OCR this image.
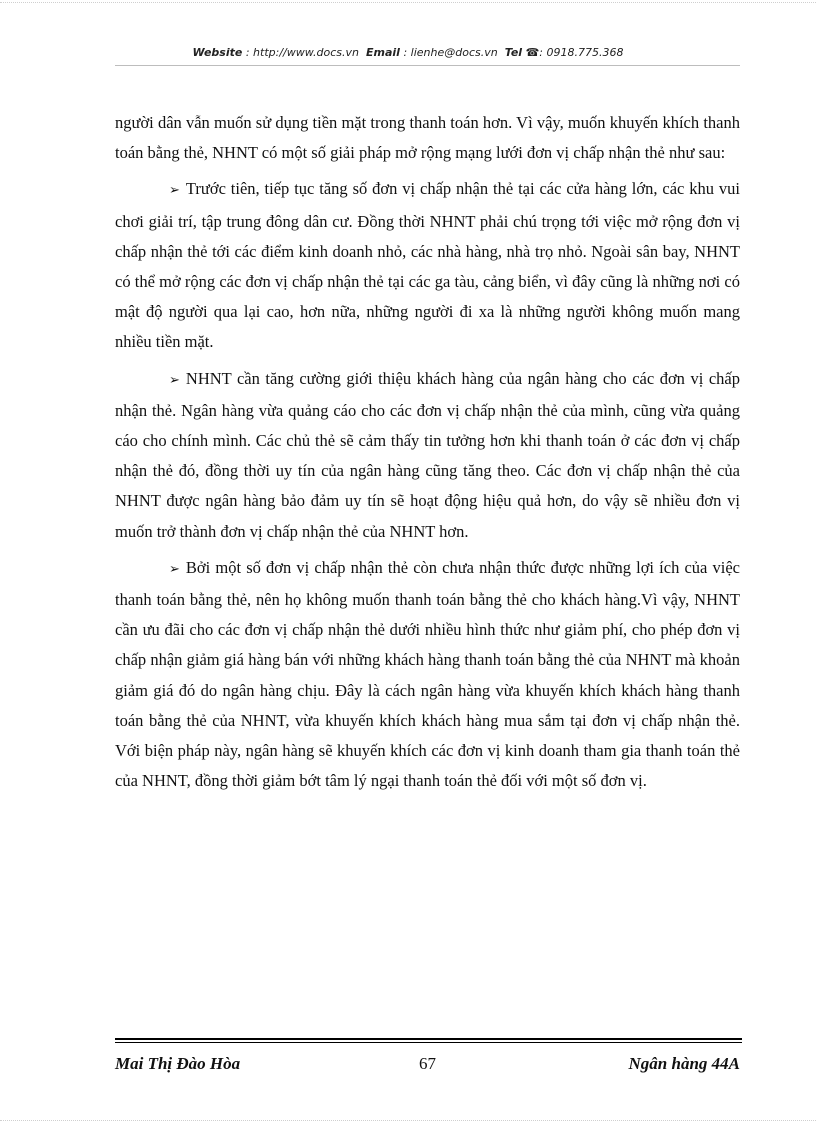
Website : http://www.docs.vn Email : lienhe@docs.vn Tel ☎: 0918.775.368

người dân vẫn muốn sử dụng tiền mặt trong thanh toán hơn. Vì vậy, muốn khuyến khích thanh toán bằng thẻ, NHNT có một số giải pháp mở rộng mạng lưới đơn vị chấp nhận thẻ như sau:

➢ Trước tiên, tiếp tục tăng số đơn vị chấp nhận thẻ tại các cửa hàng lớn, các khu vui chơi giải trí, tập trung đông dân cư. Đồng thời NHNT phải chú trọng tới việc mở rộng đơn vị chấp nhận thẻ tới các điểm kinh doanh nhỏ, các nhà hàng, nhà trọ nhỏ. Ngoài sân bay, NHNT có thể mở rộng các đơn vị chấp nhận thẻ tại các ga tàu, cảng biển, vì đây cũng là những nơi có mật độ người qua lại cao, hơn nữa, những người đi xa là những người không muốn mang nhiều tiền mặt.

➢ NHNT cần tăng cường giới thiệu khách hàng của ngân hàng cho các đơn vị chấp nhận thẻ. Ngân hàng vừa quảng cáo cho các đơn vị chấp nhận thẻ của mình, cũng vừa quảng cáo cho chính mình. Các chủ thẻ sẽ cảm thấy tin tưởng hơn khi thanh toán ở các đơn vị chấp nhận thẻ đó, đồng thời uy tín của ngân hàng cũng tăng theo. Các đơn vị chấp nhận thẻ của NHNT được ngân hàng bảo đảm uy tín sẽ hoạt động hiệu quả hơn, do vậy sẽ nhiều đơn vị muốn trở thành đơn vị chấp nhận thẻ của NHNT hơn.

➢ Bởi một số đơn vị chấp nhận thẻ còn chưa nhận thức được những lợi ích của việc thanh toán bằng thẻ, nên họ không muốn thanh toán bằng thẻ cho khách hàng.Vì vậy, NHNT cần ưu đãi cho các đơn vị chấp nhận thẻ dưới nhiều hình thức như giảm phí, cho phép đơn vị chấp nhận giảm giá hàng bán với những khách hàng thanh toán bằng thẻ của NHNT mà khoản giảm giá đó do ngân hàng chịu. Đây là cách ngân hàng vừa khuyến khích khách hàng thanh toán bằng thẻ của NHNT, vừa khuyến khích khách hàng mua sắm tại đơn vị chấp nhận thẻ. Với biện pháp này, ngân hàng sẽ khuyến khích các đơn vị kinh doanh tham gia thanh toán thẻ của NHNT, đồng thời giảm bớt tâm lý ngại thanh toán thẻ đối với một số đơn vị.

Mai Thị Đào Hòa	67	Ngân hàng 44A
